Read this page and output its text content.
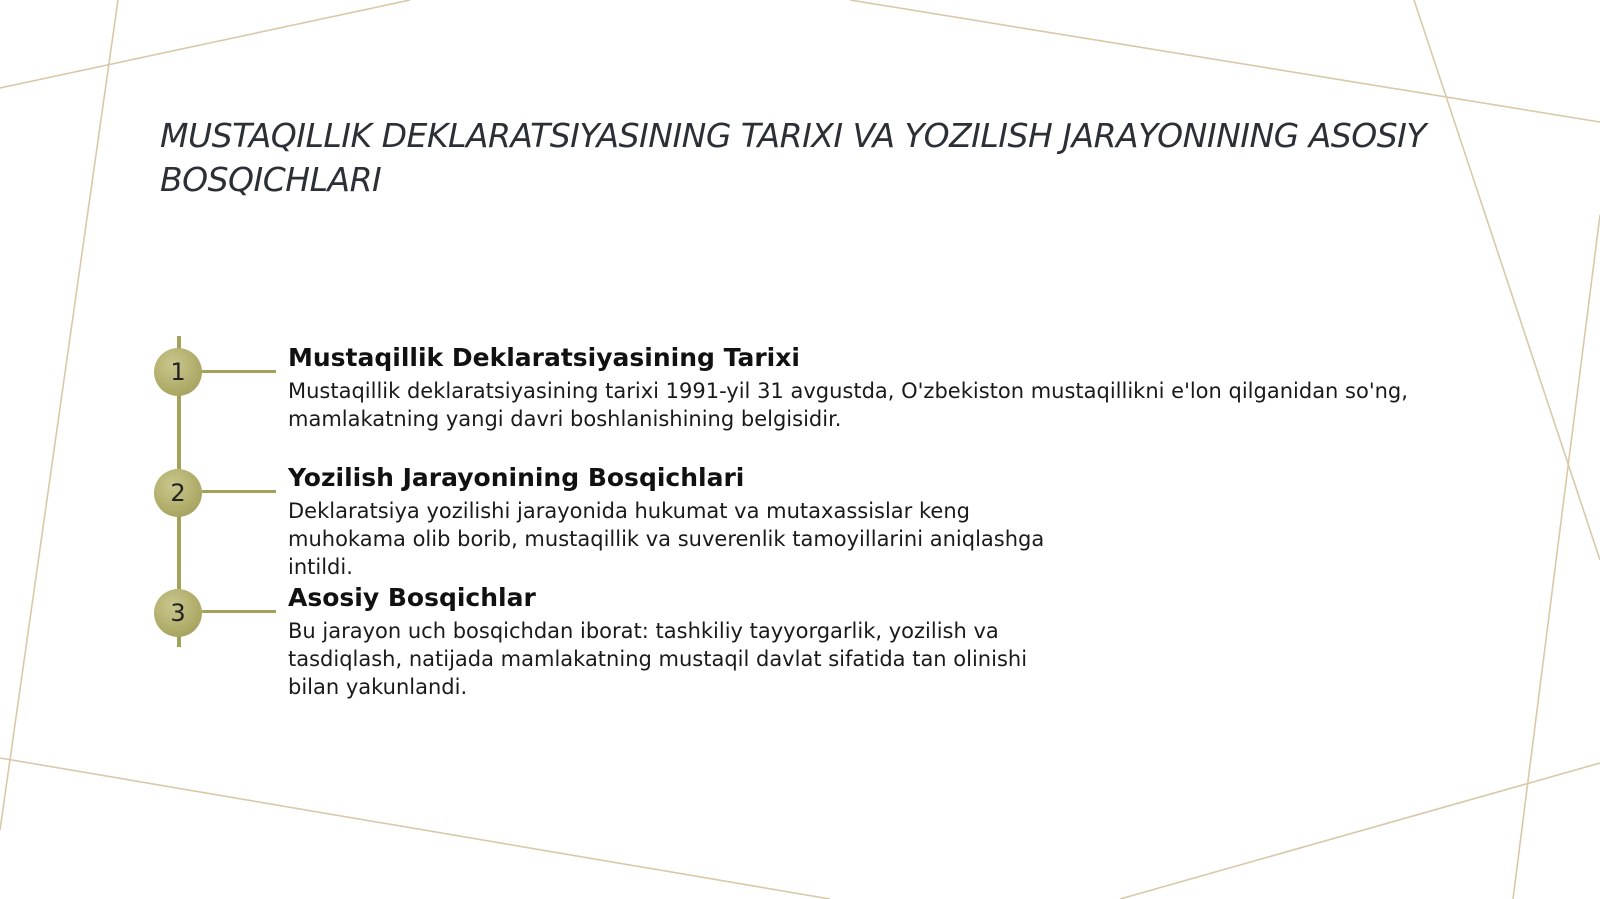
MUSTAQILLIK DEKLARATSIYASINING TARIXI VA YOZILISH JARAYONINING ASOSIY BOSQICHLARI
1	Mustaqillik Deklaratsiyasining Tarixi

Mustaqillik deklaratsiyasining tarixi 1991-yil 31 avgustda, O'zbekiston mustaqillikni e'lon qilganidan so'ng, mamlakatning yangi davri boshlanishining belgisidir.

2
Yozilish Jarayonining Bosqichlari

Deklaratsiya yozilishi jarayonida hukumat va mutaxassislar keng muhokama olib borib, mustaqillik va suverenlik tamoyillarini aniqlashga intildi.

3
Asosiy Bosqichlar

Bu jarayon uch bosqichdan iborat: tashkiliy tayyorgarlik, yozilish va tasdiqlash, natijada mamlakatning mustaqil davlat sifatida tan olinishi bilan yakunlandi.
